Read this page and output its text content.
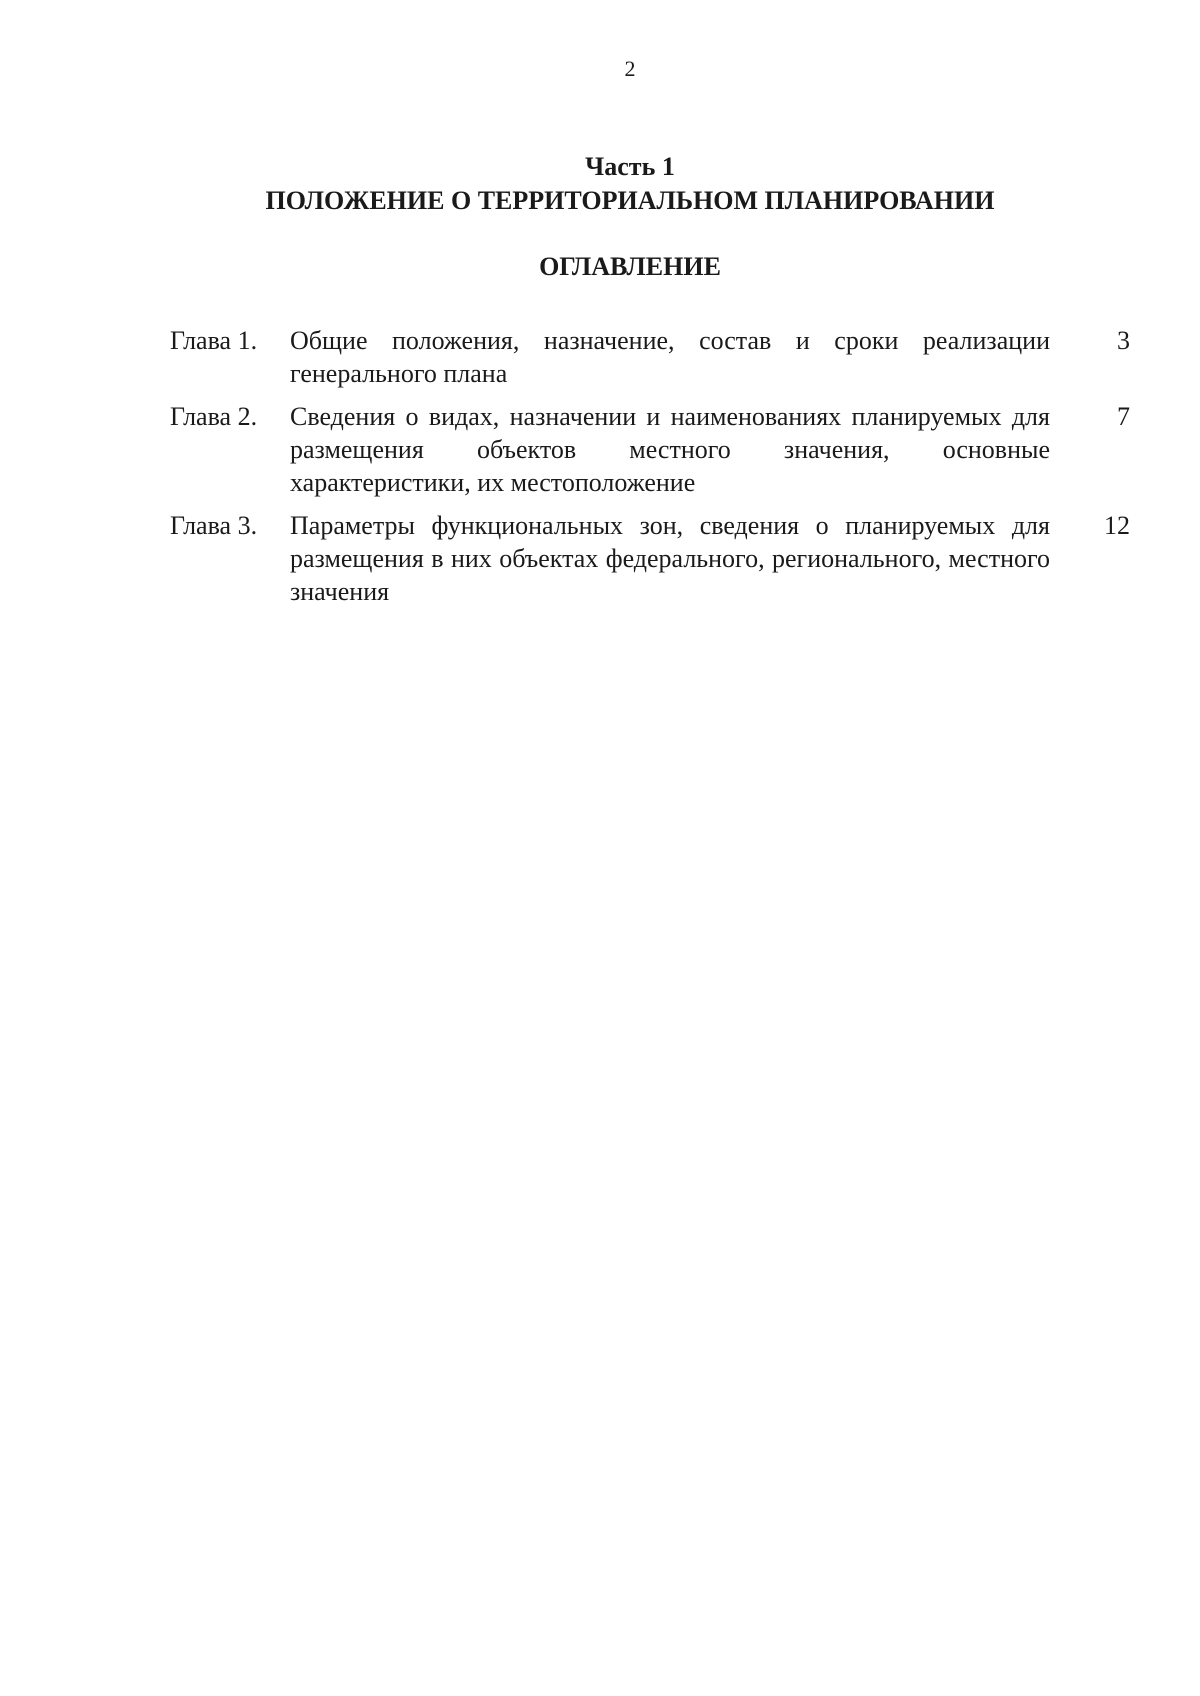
2
Часть 1
ПОЛОЖЕНИЕ О ТЕРРИТОРИАЛЬНОМ ПЛАНИРОВАНИИ
ОГЛАВЛЕНИЕ
Глава 1. Общие положения, назначение, состав и сроки реализации генерального плана
3
Глава 2. Сведения о видах, назначении и наименованиях планируемых для размещения объектов местного значения, основные характеристики, их местоположение
7
Глава 3. Параметры функциональных зон, сведения о планируемых для размещения в них объектах федерального, регионального, местного значения
12
